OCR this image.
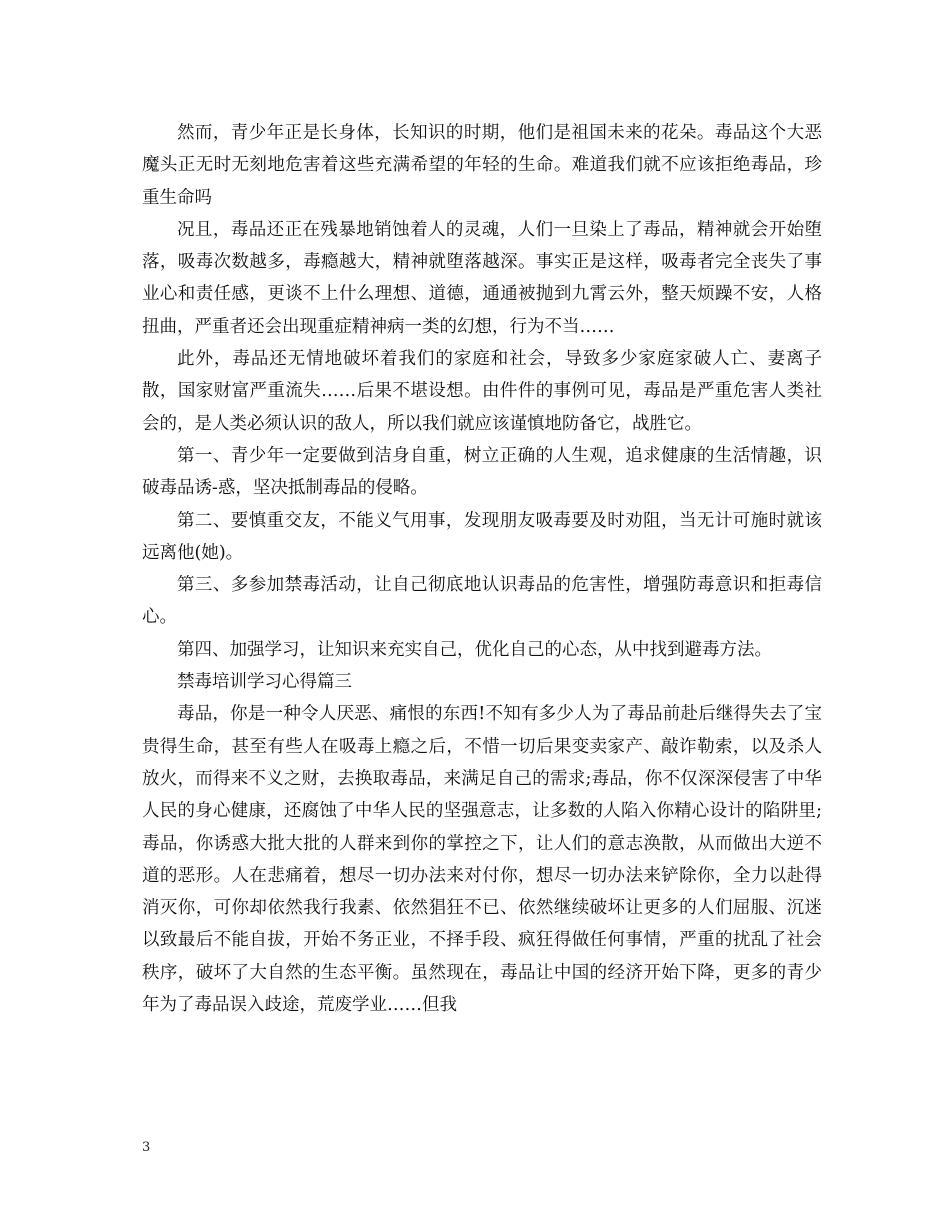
然而，青少年正是长身体，长知识的时期，他们是祖国未来的花朵。毒品这个大恶魔头正无时无刻地危害着这些充满希望的年轻的生命。难道我们就不应该拒绝毒品，珍重生命吗

况且，毒品还正在残暴地销蚀着人的灵魂，人们一旦染上了毒品，精神就会开始堕落，吸毒次数越多，毒瘾越大，精神就堕落越深。事实正是这样，吸毒者完全丧失了事业心和责任感，更谈不上什么理想、道德，通通被抛到九霄云外，整天烦躁不安，人格扭曲，严重者还会出现重症精神病一类的幻想，行为不当……

此外，毒品还无情地破坏着我们的家庭和社会，导致多少家庭家破人亡、妻离子散，国家财富严重流失……后果不堪设想。由件件的事例可见，毒品是严重危害人类社会的，是人类必须认识的敌人，所以我们就应该谨慎地防备它，战胜它。

第一、青少年一定要做到洁身自重，树立正确的人生观，追求健康的生活情趣，识破毒品诱-惑，坚决抵制毒品的侵略。

第二、要慎重交友，不能义气用事，发现朋友吸毒要及时劝阻，当无计可施时就该远离他(她)。

第三、多参加禁毒活动，让自己彻底地认识毒品的危害性，增强防毒意识和拒毒信心。

第四、加强学习，让知识来充实自己，优化自己的心态，从中找到避毒方法。

禁毒培训学习心得篇三

毒品，你是一种令人厌恶、痛恨的东西!不知有多少人为了毒品前赴后继得失去了宝贵得生命，甚至有些人在吸毒上瘾之后，不惜一切后果变卖家产、敲诈勒索，以及杀人放火，而得来不义之财，去换取毒品，来满足自己的需求;毒品，你不仅深深侵害了中华人民的身心健康，还腐蚀了中华人民的坚强意志，让多数的人陷入你精心设计的陷阱里;毒品，你诱惑大批大批的人群来到你的掌控之下，让人们的意志涣散，从而做出大逆不道的恶形。人在悲痛着，想尽一切办法来对付你，想尽一切办法来铲除你，全力以赴得消灭你，可你却依然我行我素、依然猖狂不已、依然继续破坏让更多的人们屈服、沉迷以致最后不能自拔，开始不务正业，不择手段、疯狂得做任何事情，严重的扰乱了社会秩序，破坏了大自然的生态平衡。虽然现在，毒品让中国的经济开始下降，更多的青少年为了毒品误入歧途，荒废学业……但我

3
